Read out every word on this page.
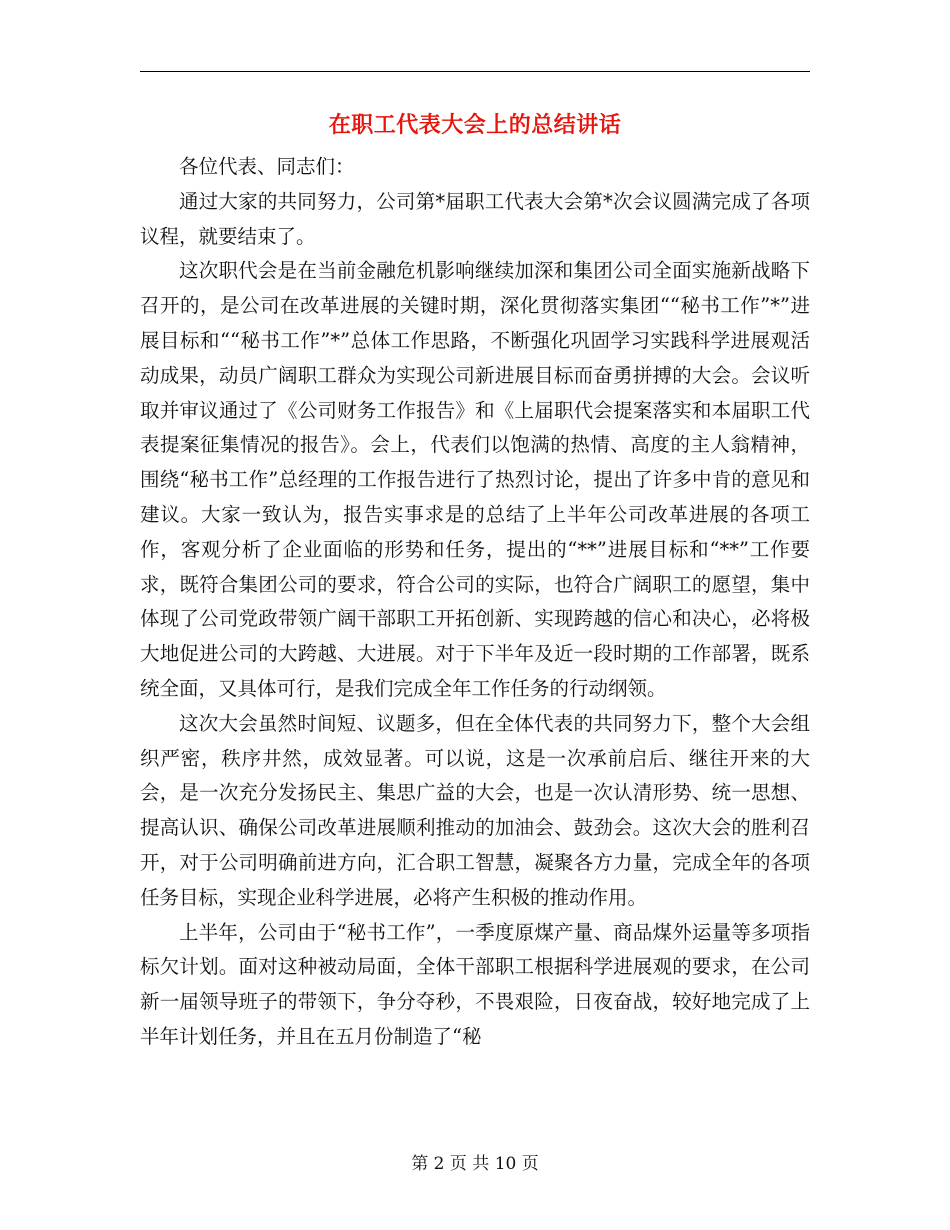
在职工代表大会上的总结讲话

各位代表、同志们：

通过大家的共同努力，公司第*届职工代表大会第*次会议圆满完成了各项议程，就要结束了。

这次职代会是在当前金融危机影响继续加深和集团公司全面实施新战略下召开的，是公司在改革进展的关键时期，深化贯彻落实集团““秘书工作”*”进展目标和““秘书工作”*”总体工作思路，不断强化巩固学习实践科学进展观活动成果，动员广阔职工群众为实现公司新进展目标而奋勇拼搏的大会。会议听取并审议通过了《公司财务工作报告》和《上届职代会提案落实和本届职工代表提案征集情况的报告》。会上，代表们以饱满的热情、高度的主人翁精神，围绕“秘书工作”总经理的工作报告进行了热烈讨论，提出了许多中肯的意见和建议。大家一致认为，报告实事求是的总结了上半年公司改革进展的各项工作，客观分析了企业面临的形势和任务，提出的“**”进展目标和“**”工作要求，既符合集团公司的要求，符合公司的实际，也符合广阔职工的愿望，集中体现了公司党政带领广阔干部职工开拓创新、实现跨越的信心和决心，必将极大地促进公司的大跨越、大进展。对于下半年及近一段时期的工作部署，既系统全面，又具体可行，是我们完成全年工作任务的行动纲领。

这次大会虽然时间短、议题多，但在全体代表的共同努力下，整个大会组织严密，秩序井然，成效显著。可以说，这是一次承前启后、继往开来的大会，是一次充分发扬民主、集思广益的大会，也是一次认清形势、统一思想、提高认识、确保公司改革进展顺利推动的加油会、鼓劲会。这次大会的胜利召开，对于公司明确前进方向，汇合职工智慧，凝聚各方力量，完成全年的各项任务目标，实现企业科学进展，必将产生积极的推动作用。

上半年，公司由于“秘书工作”，一季度原煤产量、商品煤外运量等多项指标欠计划。面对这种被动局面，全体干部职工根据科学进展观的要求，在公司新一届领导班子的带领下，争分夺秒，不畏艰险，日夜奋战，较好地完成了上半年计划任务，并且在五月份制造了“秘

第 2 页 共 10 页
